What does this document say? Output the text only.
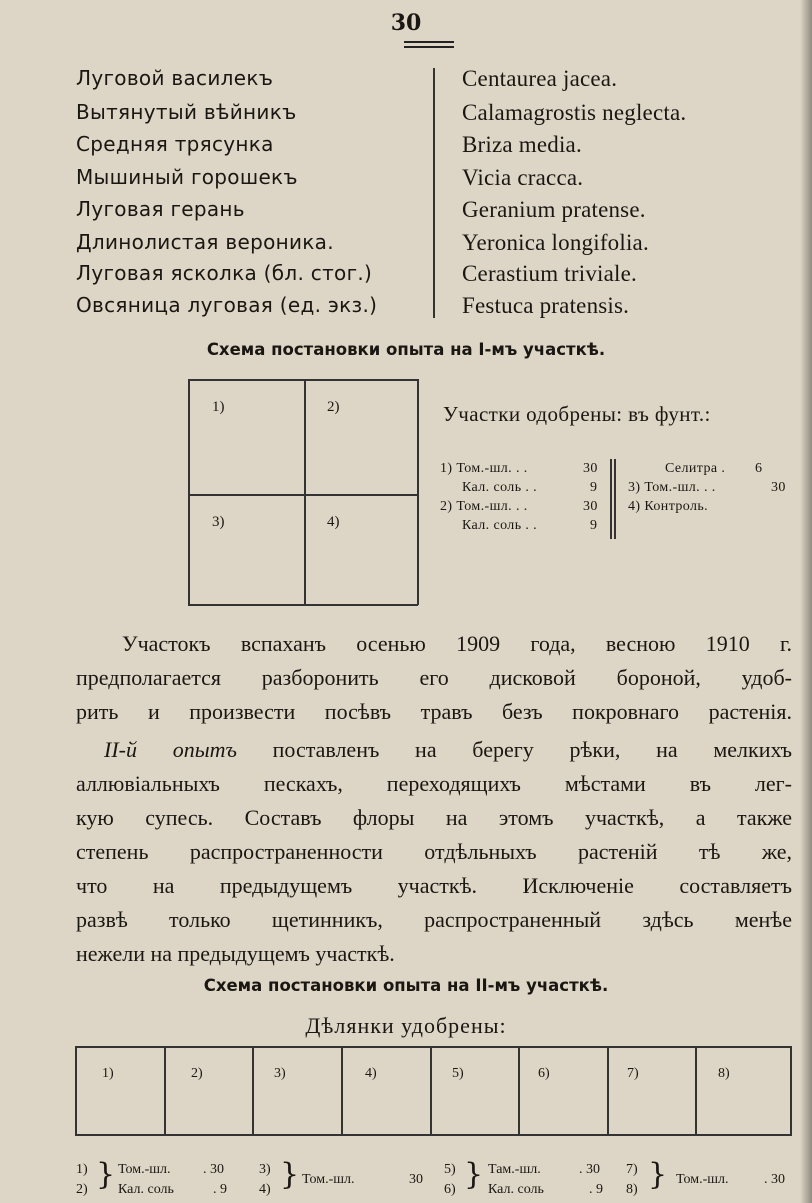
30
Луговой василекъ	Centaurea jacea.
Вытянутый вѣйникъ	Calamagrostis neglecta.
Средняя трясунка	Briza media.
Мышиный горошекъ	Vicia cracca.
Луговая герань	Geranium pratense.
Длинолистая вероника.	Yeronica longifolia.
Луговая ясколка (бл. стог.)	Cerastium triviale.
Овсяница луговая (ед. экз.)	Festuca pratensis.
Схема постановки опыта на I-мъ участкѣ.
1)	2)
3)	4)
Участки одобрены: въ фунт.:
1) Том.-шл. . .	30
Кал. соль . .	9
2) Том.-шл. . .	30
Кал. соль . .	9
Селитра . 6
3) Том.-шл. . .	30
4) Контроль.
Участокъ вспаханъ осенью 1909 года, весною 1910 г.
предполагается разборонить его дисковой бороной, удоб-
рить и произвести посѣвъ травъ безъ покровнаго растенія.
II-й опытъ поставленъ на берегу рѣки, на мелкихъ
аллювіальныхъ пескахъ, переходящихъ мѣстами въ лег-
кую супесь. Составъ флоры на этомъ участкѣ, а также
степень распространенности отдѣльныхъ растеній тѣ же,
что на предыдущемъ участкѣ. Исключеніе составляетъ
развѣ только щетинникъ, распространенный здѣсь менѣе
нежели на предыдущемъ участкѣ.
Схема постановки опыта на II-мъ участкѣ.
Дѣлянки удобрены:
1)	2)	3)	4)	5)	6)	7)	8)
1)
2) } Том.-шл. . 30
Кал. соль	. 9
3)
4) } Том.-шл.	30
5)
6) } Там.-шл.	. 30
Кал. соль	. 9
7)
8) } Том.-шл.	. 30
